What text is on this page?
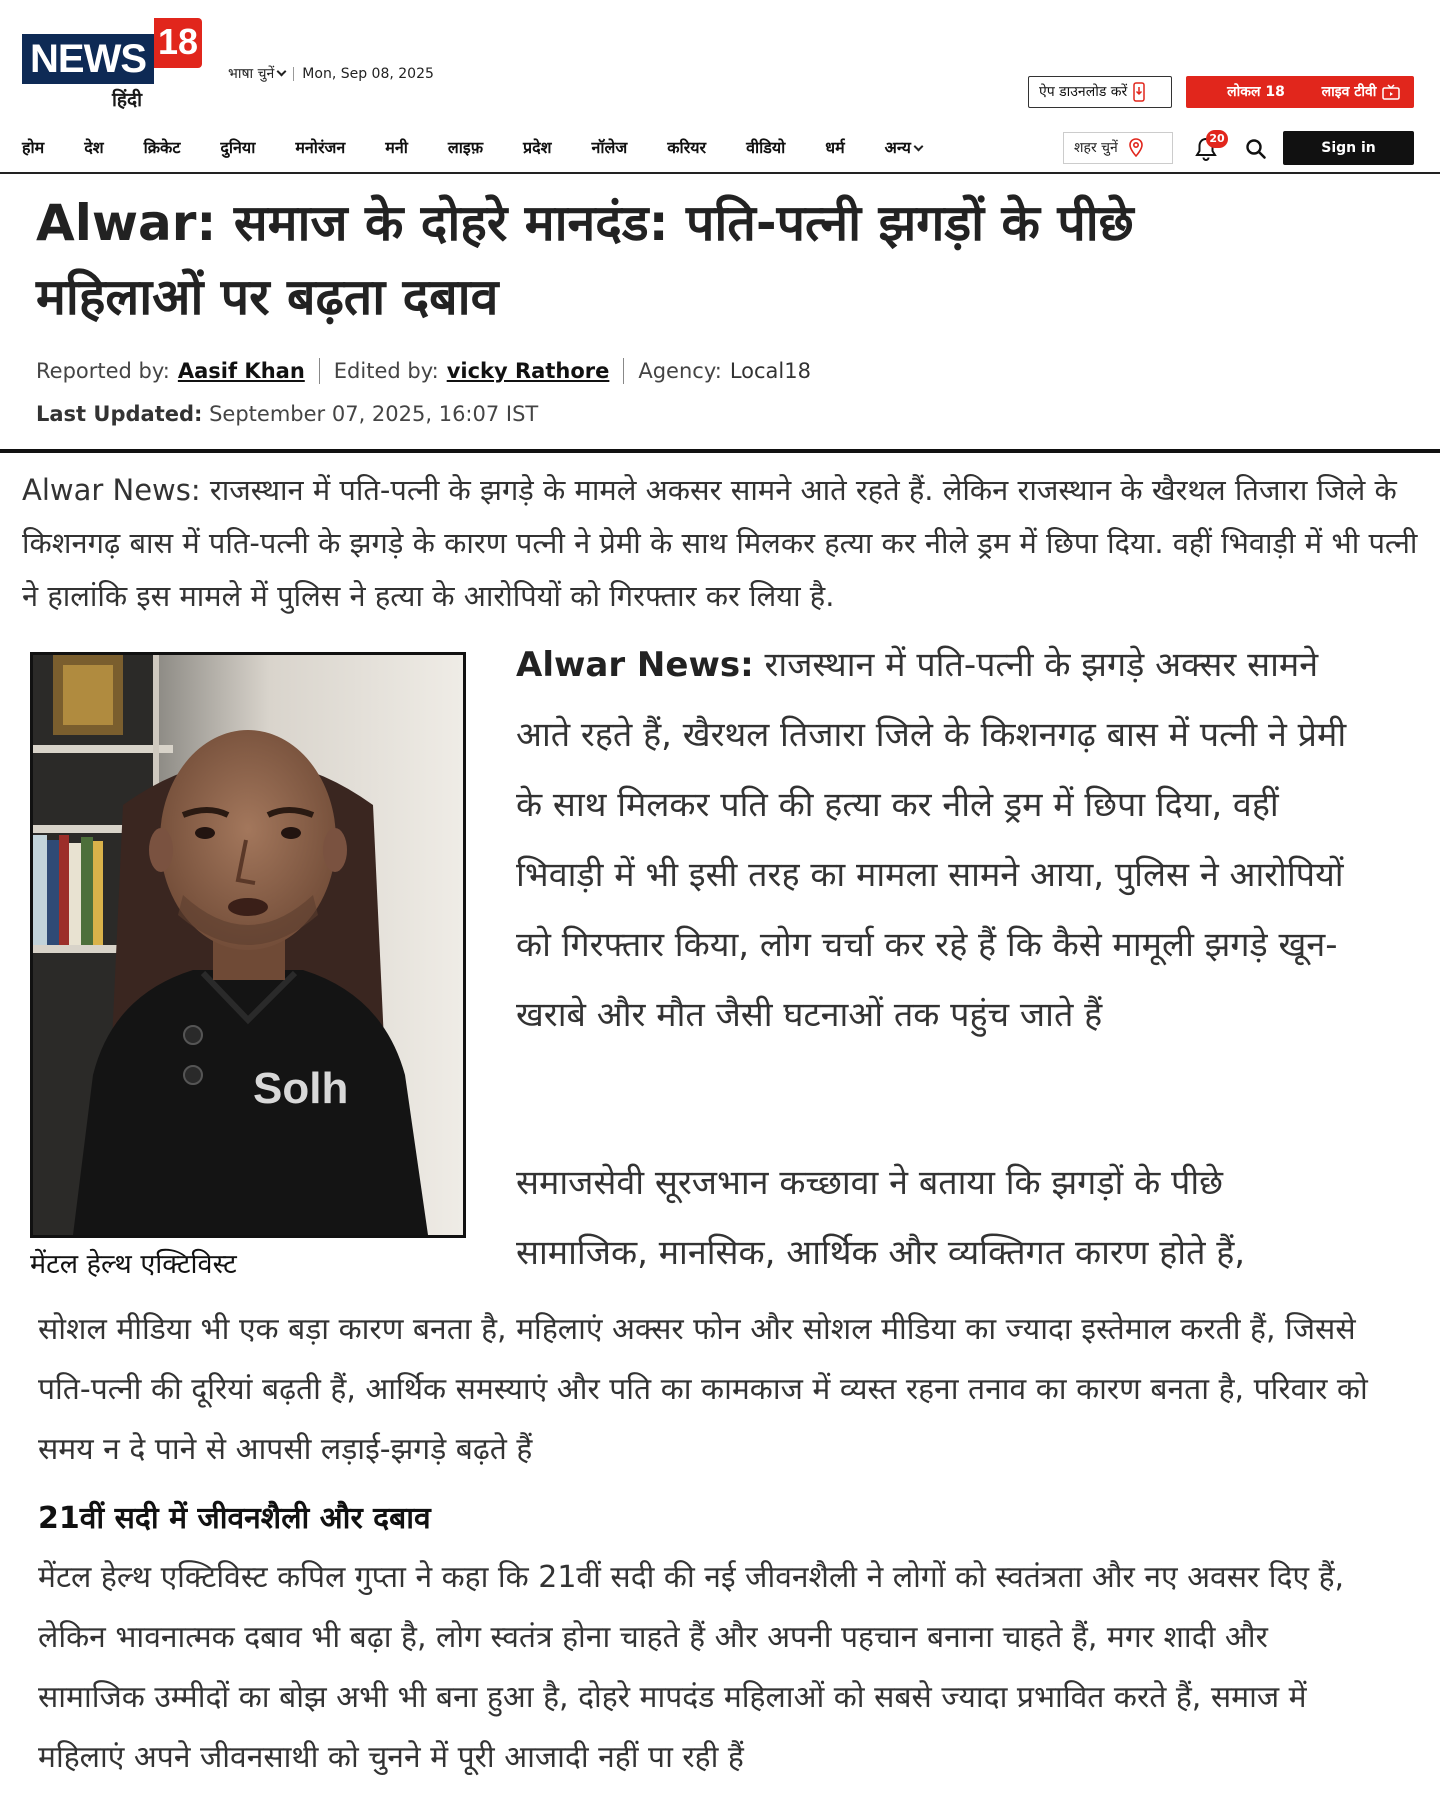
NEWS 18
हिंदी
भाषा चुनें	Mon, Sep 08, 2025
ऐप डाउनलोड करें	लोकल 18	लाइव टीवी
होम	देश	क्रिकेट	दुनिया	मनोरंजन	मनी	लाइफ़	प्रदेश	नॉलेज	करियर	वीडियो	धर्म	अन्य	शहर चुनें
20
Sign in
Alwar: समाज के दोहरे मानदंड: पति-पत्नी झगड़ों के पीछे महिलाओं पर बढ़ता दबाव
Reported by: Aasif Khan Edited by: vicky Rathore Agency: Local18
Last Updated: September 07, 2025, 16:07 IST

Alwar News: राजस्थान में पति-पत्नी के झगड़े के मामले अकसर सामने आते रहते हैं. लेकिन राजस्थान के खैरथल तिजारा जिले के किशनगढ़ बास में पति-पत्नी के झगड़े के कारण पत्नी ने प्रेमी के साथ मिलकर हत्या कर नीले ड्रम में छिपा दिया. वहीं भिवाड़ी में भी पत्नी ने हालांकि इस मामले में पुलिस ने हत्या के आरोपियों को गिरफ्तार कर लिया है.

Solh
मेंटल हेल्थ एक्टिविस्ट

Alwar News: राजस्थान में पति-पत्नी के झगड़े अक्सर सामने आते रहते हैं, खैरथल तिजारा जिले के किशनगढ़ बास में पत्नी ने प्रेमी के साथ मिलकर पति की हत्या कर नीले ड्रम में छिपा दिया, वहीं भिवाड़ी में भी इसी तरह का मामला सामने आया, पुलिस ने आरोपियों को गिरफ्तार किया, लोग चर्चा कर रहे हैं कि कैसे मामूली झगड़े खून-खराबे और मौत जैसी घटनाओं तक पहुंच जाते हैं

समाजसेवी सूरजभान कच्छावा ने बताया कि झगड़ों के पीछे सामाजिक, मानसिक, आर्थिक और व्यक्तिगत कारण होते हैं,

सोशल मीडिया भी एक बड़ा कारण बनता है, महिलाएं अक्सर फोन और सोशल मीडिया का ज्यादा इस्तेमाल करती हैं, जिससे पति-पत्नी की दूरियां बढ़ती हैं, आर्थिक समस्याएं और पति का कामकाज में व्यस्त रहना तनाव का कारण बनता है, परिवार को समय न दे पाने से आपसी लड़ाई-झगड़े बढ़ते हैं

21वीं सदी में जीवनशैली और दबाव

मेंटल हेल्थ एक्टिविस्ट कपिल गुप्ता ने कहा कि 21वीं सदी की नई जीवनशैली ने लोगों को स्वतंत्रता और नए अवसर दिए हैं, लेकिन भावनात्मक दबाव भी बढ़ा है, लोग स्वतंत्र होना चाहते हैं और अपनी पहचान बनाना चाहते हैं, मगर शादी और सामाजिक उम्मीदों का बोझ अभी भी बना हुआ है, दोहरे मापदंड महिलाओं को सबसे ज्यादा प्रभावित करते हैं, समाज में महिलाएं अपने जीवनसाथी को चुनने में पूरी आजादी नहीं पा रही हैं
